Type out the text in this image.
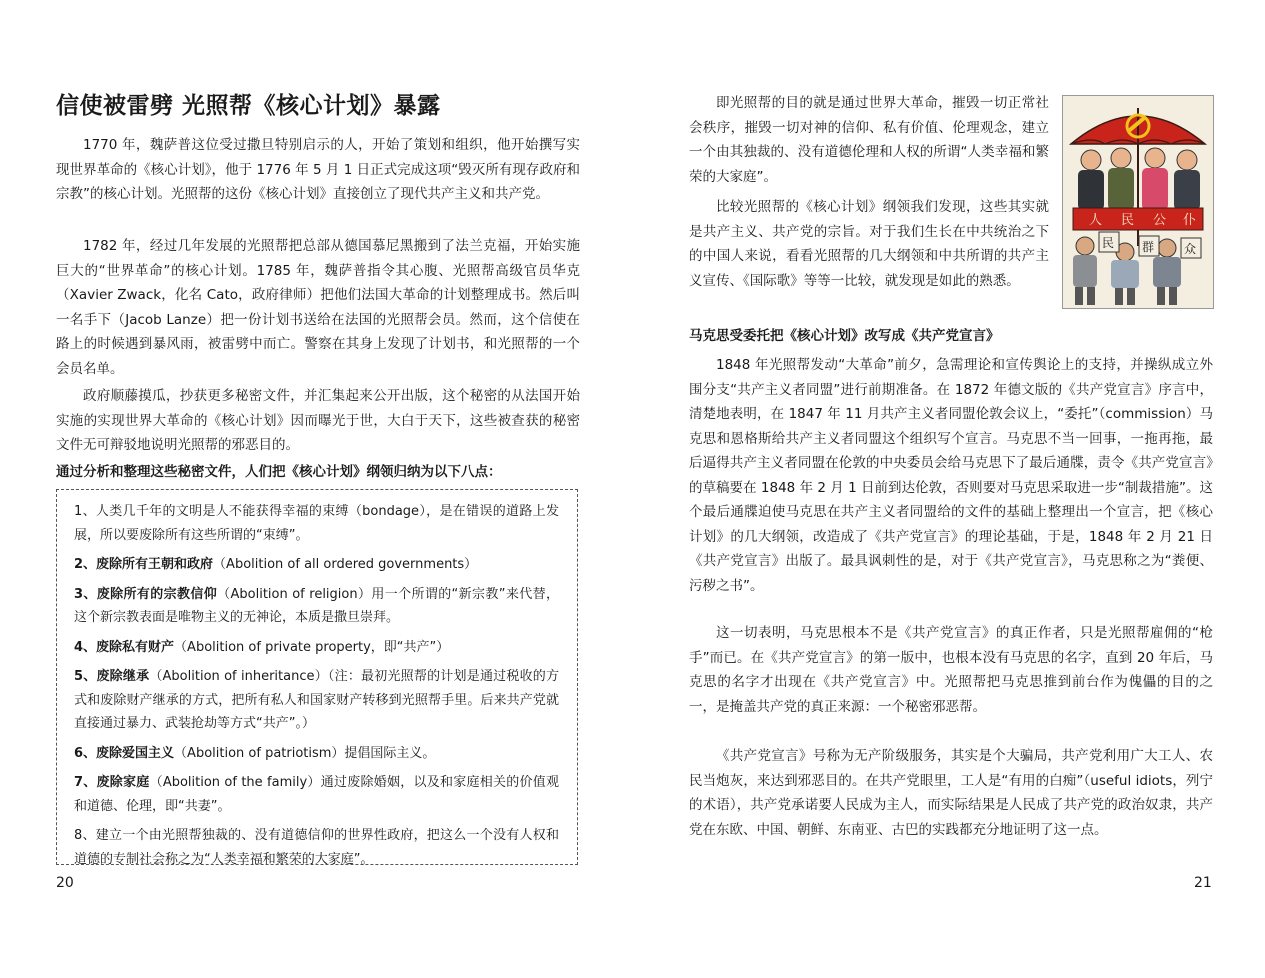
信使被雷劈 光照帮《核心计划》暴露

1770 年，魏萨普这位受过撒旦特别启示的人，开始了策划和组织，他开始撰写实现世界革命的《核心计划》，他于 1776 年 5 月 1 日正式完成这项“毁灭所有现存政府和宗教”的核心计划。光照帮的这份《核心计划》直接创立了现代共产主义和共产党。

1782 年，经过几年发展的光照帮把总部从德国慕尼黑搬到了法兰克福，开始实施巨大的“世界革命”的核心计划。1785 年，魏萨普指令其心腹、光照帮高级官员华克（Xavier Zwack，化名 Cato，政府律师）把他们法国大革命的计划整理成书。然后叫一名手下（Jacob Lanze）把一份计划书送给在法国的光照帮会员。然而，这个信使在路上的时候遇到暴风雨，被雷劈中而亡。警察在其身上发现了计划书，和光照帮的一个会员名单。

政府顺藤摸瓜，抄获更多秘密文件，并汇集起来公开出版，这个秘密的从法国开始实施的实现世界大革命的《核心计划》因而曝光于世，大白于天下，这些被查获的秘密文件无可辩驳地说明光照帮的邪恶目的。

通过分析和整理这些秘密文件，人们把《核心计划》纲领归纳为以下八点：

1、人类几千年的文明是人不能获得幸福的束缚（bondage），是在错误的道路上发展，所以要废除所有这些所谓的“束缚”。

2、废除所有王朝和政府（Abolition of all ordered governments）

3、废除所有的宗教信仰（Abolition of religion）用一个所谓的“新宗教”来代替，这个新宗教表面是唯物主义的无神论，本质是撒旦崇拜。

4、废除私有财产（Abolition of private property，即“共产”）

5、废除继承（Abolition of inheritance）（注：最初光照帮的计划是通过税收的方式和废除财产继承的方式，把所有私人和国家财产转移到光照帮手里。后来共产党就直接通过暴力、武装抢劫等方式“共产”。）

6、废除爱国主义（Abolition of patriotism）提倡国际主义。

7、废除家庭（Abolition of the family）通过废除婚姻，以及和家庭相关的价值观和道德、伦理，即“共妻”。

8、建立一个由光照帮独裁的、没有道德信仰的世界性政府，把这么一个没有人权和道德的专制社会称之为“人类幸福和繁荣的大家庭”。

20

即光照帮的目的就是通过世界大革命，摧毁一切正常社会秩序，摧毁一切对神的信仰、私有价值、伦理观念，建立一个由其独裁的、没有道德伦理和人权的所谓“人类幸福和繁荣的大家庭”。

比较光照帮的《核心计划》纲领我们发现，这些其实就是共产主义、共产党的宗旨。对于我们生长在中共统治之下的中国人来说，看看光照帮的几大纲领和中共所谓的共产主义宣传、《国际歌》等等一比较，就发现是如此的熟悉。

人 民 公 仆
民 群 众

马克思受委托把《核心计划》改写成《共产党宣言》

1848 年光照帮发动“大革命”前夕，急需理论和宣传舆论上的支持，并操纵成立外围分支“共产主义者同盟”进行前期准备。在 1872 年德文版的《共产党宣言》序言中，清楚地表明，在 1847 年 11 月共产主义者同盟伦敦会议上，“委托”（commission）马克思和恩格斯给共产主义者同盟这个组织写个宣言。马克思不当一回事，一拖再拖，最后逼得共产主义者同盟在伦敦的中央委员会给马克思下了最后通牒，责令《共产党宣言》的草稿要在 1848 年 2 月 1 日前到达伦敦，否则要对马克思采取进一步“制裁措施”。这个最后通牒迫使马克思在共产主义者同盟给的文件的基础上整理出一个宣言，把《核心计划》的几大纲领，改造成了《共产党宣言》的理论基础，于是，1848 年 2 月 21 日《共产党宣言》出版了。最具讽刺性的是，对于《共产党宣言》，马克思称之为“粪便、污秽之书”。

这一切表明，马克思根本不是《共产党宣言》的真正作者，只是光照帮雇佣的“枪手”而已。在《共产党宣言》的第一版中，也根本没有马克思的名字，直到 20 年后，马克思的名字才出现在《共产党宣言》中。光照帮把马克思推到前台作为傀儡的目的之一，是掩盖共产党的真正来源：一个秘密邪恶帮。

《共产党宣言》号称为无产阶级服务，其实是个大骗局，共产党利用广大工人、农民当炮灰，来达到邪恶目的。在共产党眼里，工人是“有用的白痴”（useful idiots，列宁的术语），共产党承诺要人民成为主人，而实际结果是人民成了共产党的政治奴隶，共产党在东欧、中国、朝鲜、东南亚、古巴的实践都充分地证明了这一点。

21
